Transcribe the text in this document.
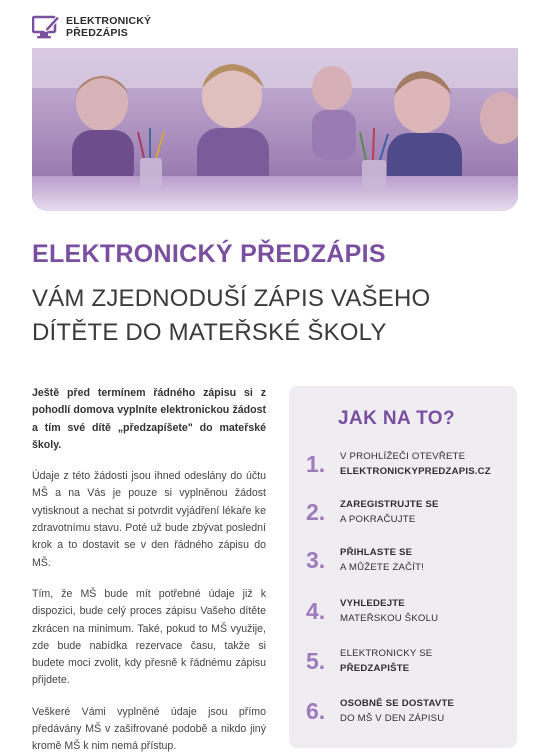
ELEKTRONICKÝ
PŘEDZÁPIS
ELEKTRONICKÝ PŘEDZÁPIS
VÁM ZJEDNODUŠÍ ZÁPIS VAŠEHO DÍTĚTE DO MATEŘSKÉ ŠKOLY

Ještě před termínem řádného zápisu si z pohodlí domova vyplníte elektronickou žádost a tím své dítě „předzapíšete" do mateřské školy.

Údaje z této žádosti jsou ihned odeslány do účtu MŠ a na Vás je pouze si vyplněnou žádost vytisknout a nechat si potvrdit vyjádření lékaře ke zdravotnímu stavu. Poté už bude zbývat poslední krok a to dostavit se v den řádného zápisu do MŠ.

Tím, že MŠ bude mít potřebné údaje již k dispozici, bude celý proces zápisu Vašeho dítěte zkrácen na minimum. Také, pokud to MŠ využije, zde bude nabídka rezervace času, takže si budete moci zvolit, kdy přesně k řádnému zápisu přijdete.

Veškeré Vámi vyplněné údaje jsou přímo předávány MŠ v zašifrované podobě a nikdo jiný kromě MŠ k nim nemá přístup.

JAK NA TO?
1.	V PROHLÍŽEČI OTEVŘETE
ELEKTRONICKYPREDZAPIS.CZ
2.	ZAREGISTRUJTE SE
A POKRAČUJTE
3.	PŘIHLASTE SE
A MŮŽETE ZAČÍT!
4.	VYHLEDEJTE
MATEŘSKOU ŠKOLU
5.	ELEKTRONICKY SE
PŘEDZAPIŠTE
6.	OSOBNĚ SE DOSTAVTE
DO MŠ V DEN ZÁPISU
